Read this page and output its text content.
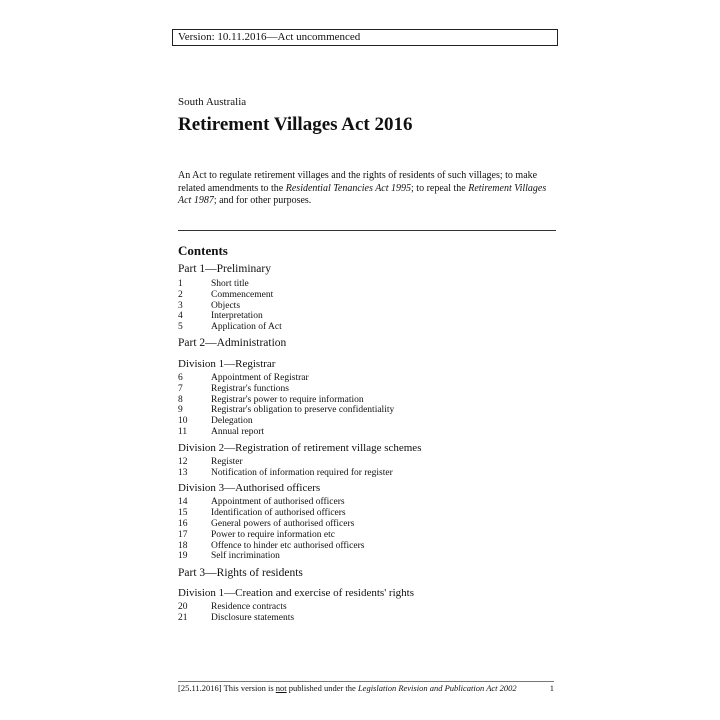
Version: 10.11.2016—Act uncommenced
South Australia
Retirement Villages Act 2016

An Act to regulate retirement villages and the rights of residents of such villages; to make related amendments to the Residential Tenancies Act 1995; to repeal the Retirement Villages Act 1987; and for other purposes.

Contents
Part 1—Preliminary
1	Short title
2	Commencement
3	Objects
4	Interpretation
5	Application of Act
Part 2—Administration
Division 1—Registrar
6	Appointment of Registrar
7	Registrar's functions
8	Registrar's power to require information
9	Registrar's obligation to preserve confidentiality
10	Delegation
11	Annual report
Division 2—Registration of retirement village schemes
12	Register
13	Notification of information required for register
Division 3—Authorised officers
14	Appointment of authorised officers
15	Identification of authorised officers
16	General powers of authorised officers
17	Power to require information etc
18	Offence to hinder etc authorised officers
19	Self incrimination
Part 3—Rights of residents
Division 1—Creation and exercise of residents' rights
20	Residence contracts
21	Disclosure statements
[25.11.2016] This version is not published under the Legislation Revision and Publication Act 2002	1
